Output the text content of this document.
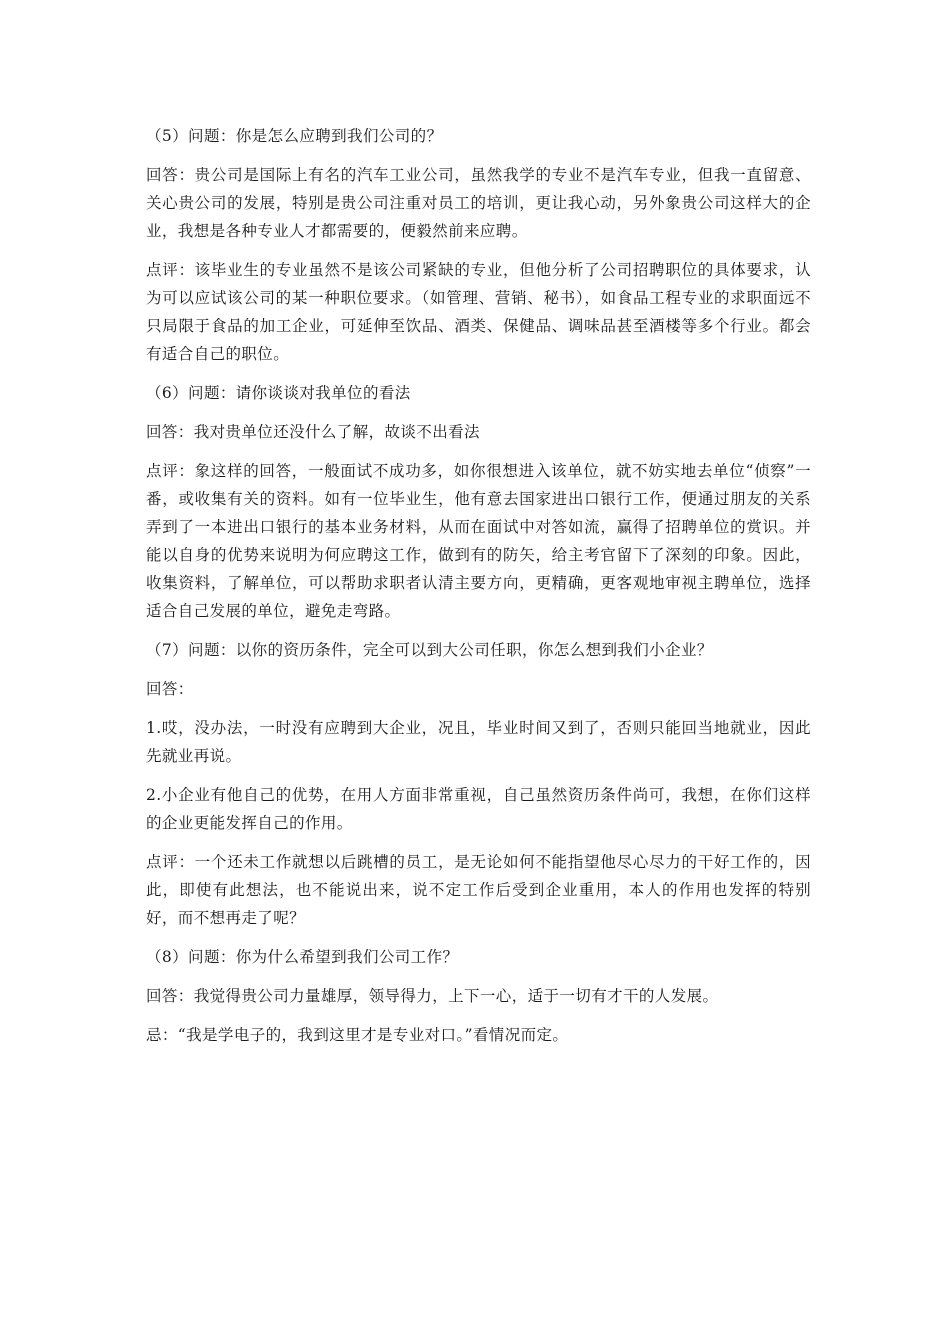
（5）问题：你是怎么应聘到我们公司的？

回答：贵公司是国际上有名的汽车工业公司，虽然我学的专业不是汽车专业，但我一直留意、关心贵公司的发展，特别是贵公司注重对员工的培训，更让我心动，另外象贵公司这样大的企业，我想是各种专业人才都需要的，便毅然前来应聘。

点评：该毕业生的专业虽然不是该公司紧缺的专业，但他分析了公司招聘职位的具体要求，认为可以应试该公司的某一种职位要求。（如管理、营销、秘书），如食品工程专业的求职面远不只局限于食品的加工企业，可延伸至饮品、酒类、保健品、调味品甚至酒楼等多个行业。都会有适合自己的职位。

（6）问题：请你谈谈对我单位的看法

回答：我对贵单位还没什么了解，故谈不出看法

点评：象这样的回答，一般面试不成功多，如你很想进入该单位，就不妨实地去单位“侦察”一番，或收集有关的资料。如有一位毕业生，他有意去国家进出口银行工作，便通过朋友的关系弄到了一本进出口银行的基本业务材料，从而在面试中对答如流，赢得了招聘单位的赏识。并能以自身的优势来说明为何应聘这工作，做到有的防矢，给主考官留下了深刻的印象。因此，收集资料，了解单位，可以帮助求职者认清主要方向，更精确，更客观地审视主聘单位，选择适合自己发展的单位，避免走弯路。

（7）问题：以你的资历条件，完全可以到大公司任职，你怎么想到我们小企业？

回答：

1.哎，没办法，一时没有应聘到大企业，况且，毕业时间又到了，否则只能回当地就业，因此先就业再说。

2.小企业有他自己的优势，在用人方面非常重视，自己虽然资历条件尚可，我想，在你们这样的企业更能发挥自己的作用。

点评：一个还未工作就想以后跳槽的员工，是无论如何不能指望他尽心尽力的干好工作的，因此，即使有此想法，也不能说出来，说不定工作后受到企业重用，本人的作用也发挥的特别好，而不想再走了呢？

（8）问题：你为什么希望到我们公司工作？

回答：我觉得贵公司力量雄厚，领导得力，上下一心，适于一切有才干的人发展。

忌：“我是学电子的，我到这里才是专业对口。”看情况而定。
